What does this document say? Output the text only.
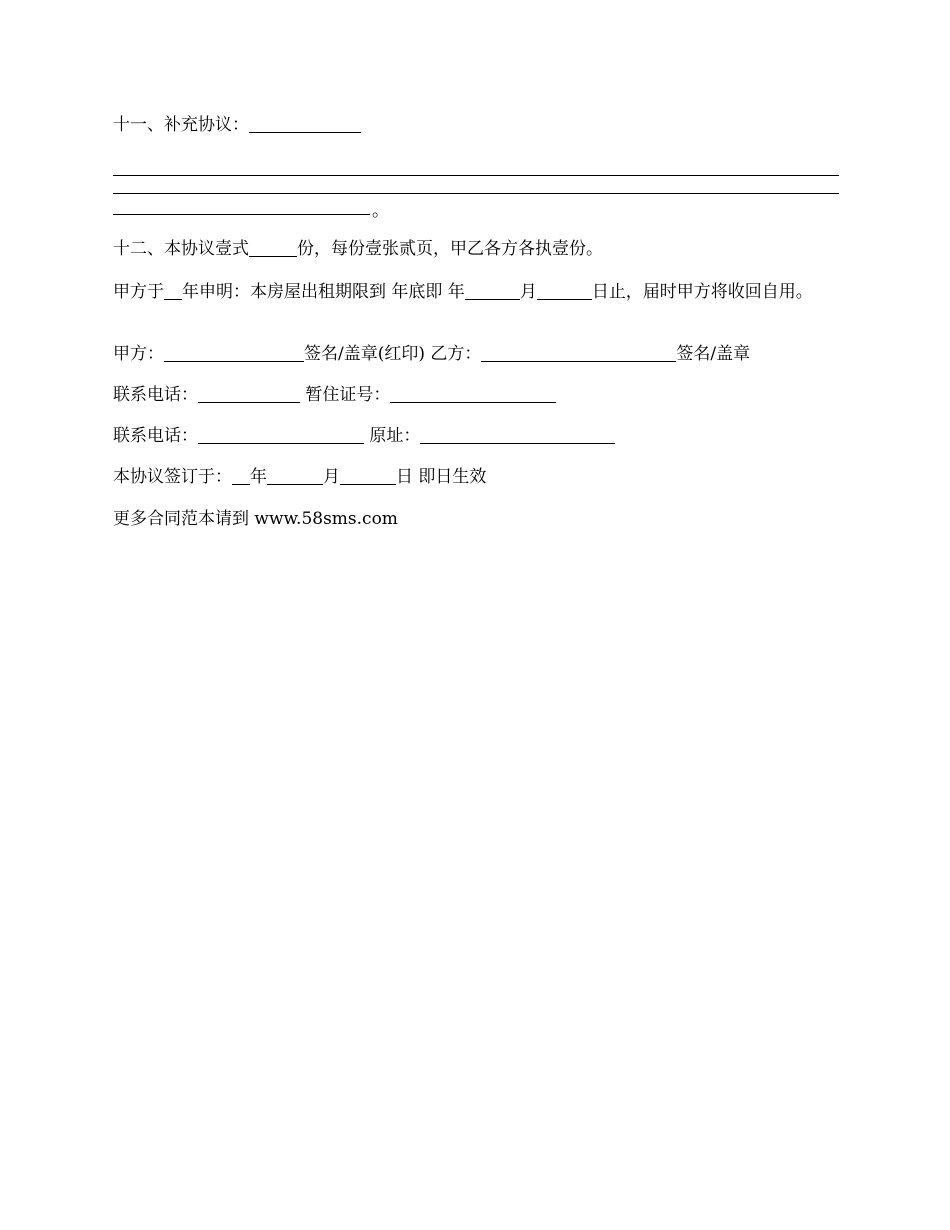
十一、补充协议：
。
十二、本协议壹式	份，每份壹张贰页，甲乙各方各执壹份。
甲方于 年申明：本房屋出租期限到 年底即 年	月	日止，届时甲方将收回自用。
甲方：	签名/盖章(红印) 乙方：	签名/盖章
联系电话：	暂住证号：
联系电话：	原址：
本协议签订于： 年	月	日 即日生效
更多合同范本请到 www.58sms.com
